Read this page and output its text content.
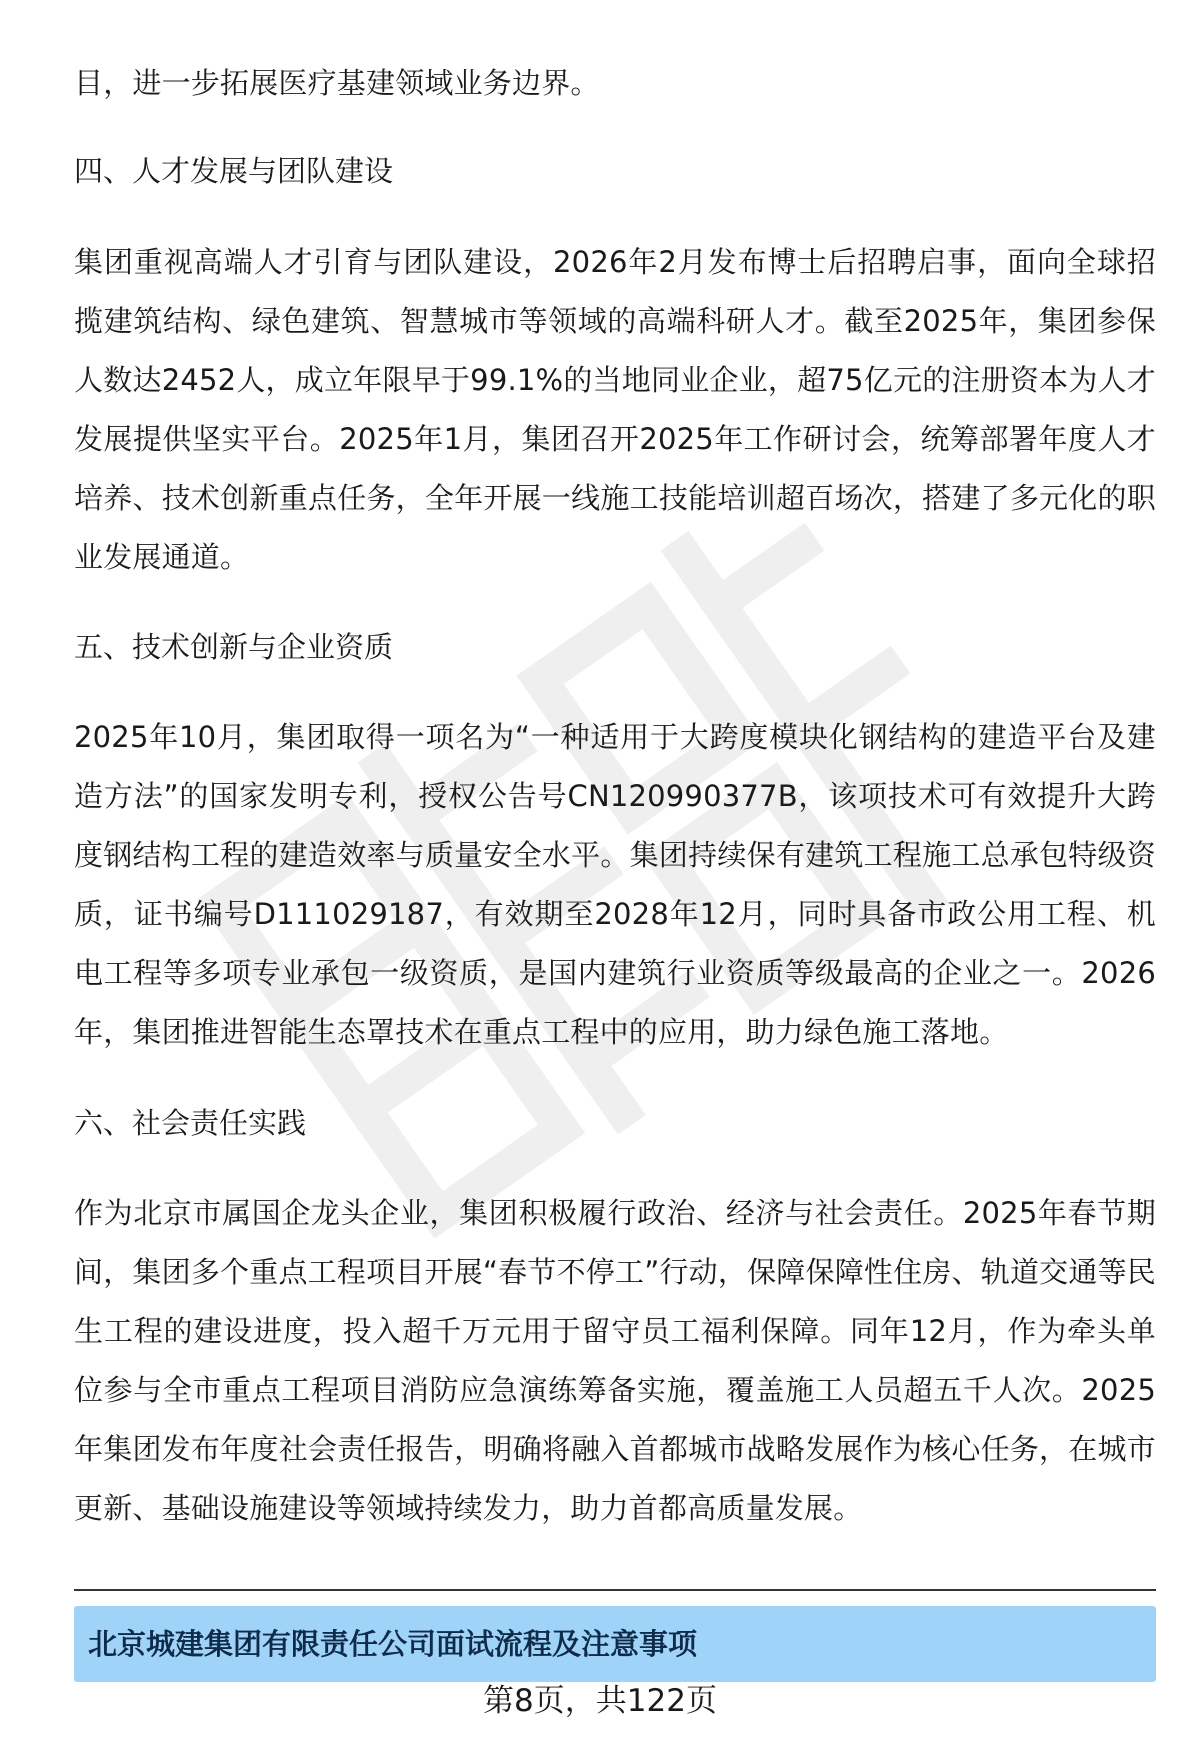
目，进一步拓展医疗基建领域业务边界。

四、人才发展与团队建设

集团重视高端人才引育与团队建设，2026年2月发布博士后招聘启事，面向全球招揽建筑结构、绿色建筑、智慧城市等领域的高端科研人才。截至2025年，集团参保人数达2452人，成立年限早于99.1%的当地同业企业，超75亿元的注册资本为人才发展提供坚实平台。2025年1月，集团召开2025年工作研讨会，统筹部署年度人才培养、技术创新重点任务，全年开展一线施工技能培训超百场次，搭建了多元化的职业发展通道。

五、技术创新与企业资质

2025年10月，集团取得一项名为“一种适用于大跨度模块化钢结构的建造平台及建造方法”的国家发明专利，授权公告号CN120990377B，该项技术可有效提升大跨度钢结构工程的建造效率与质量安全水平。集团持续保有建筑工程施工总承包特级资质，证书编号D111029187，有效期至2028年12月，同时具备市政公用工程、机电工程等多项专业承包一级资质，是国内建筑行业资质等级最高的企业之一。2026年，集团推进智能生态罩技术在重点工程中的应用，助力绿色施工落地。

六、社会责任实践

作为北京市属国企龙头企业，集团积极履行政治、经济与社会责任。2025年春节期间，集团多个重点工程项目开展“春节不停工”行动，保障保障性住房、轨道交通等民生工程的建设进度，投入超千万元用于留守员工福利保障。同年12月，作为牵头单位参与全市重点工程项目消防应急演练筹备实施，覆盖施工人员超五千人次。2025年集团发布年度社会责任报告，明确将融入首都城市战略发展作为核心任务，在城市更新、基础设施建设等领域持续发力，助力首都高质量发展。

北京城建集团有限责任公司面试流程及注意事项
第8页，共122页
